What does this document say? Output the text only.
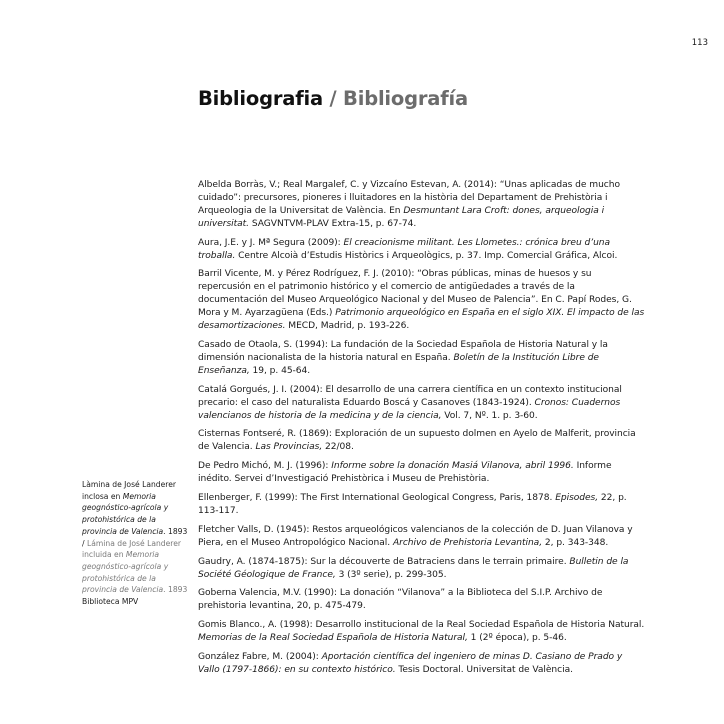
113
Bibliografia / Bibliografía
Albelda Borràs, V.; Real Margalef, C. y Vizcaíno Estevan, A. (2014): “Unas aplicadas de mucho cuidado”: precursores, pioneres i lluitadores en la història del Departament de Prehistòria i Arqueologia de la Universitat de València. En Desmuntant Lara Croft: dones, arqueologia i universitat. SAGVNTVM-PLAV Extra-15, p. 67-74.
Aura, J.E. y J. Mª Segura (2009): El creacionisme militant. Les Llometes.: crónica breu d’una troballa. Centre Alcoià d’Estudis Històrics i Arqueològics, p. 37. Imp. Comercial Gráfica, Alcoi.
Barril Vicente, M. y Pérez Rodríguez, F. J. (2010): “Obras públicas, minas de huesos y su repercusión en el patrimonio histórico y el comercio de antigüedades a través de la documentación del Museo Arqueológico Nacional y del Museo de Palencia”. En C. Papí Rodes, G. Mora y M. Ayarzagüena (Eds.) Patrimonio arqueológico en España en el siglo XIX. El impacto de las desamortizaciones. MECD, Madrid, p. 193-226.
Casado de Otaola, S. (1994): La fundación de la Sociedad Española de Historia Natural y la dimensión nacionalista de la historia natural en España. Boletín de la Institución Libre de Enseñanza, 19, p. 45-64.
Catalá Gorgués, J. I. (2004): El desarrollo de una carrera científica en un contexto institucional precario: el caso del naturalista Eduardo Boscá y Casanoves (1843-1924). Cronos: Cuadernos valencianos de historia de la medicina y de la ciencia, Vol. 7, Nº. 1. p. 3-60.
Cisternas Fontseré, R. (1869): Exploración de un supuesto dolmen en Ayelo de Malferit, provincia de Valencia. Las Provincias, 22/08.
De Pedro Michó, M. J. (1996): Informe sobre la donación Masiá Vilanova, abril 1996. Informe inédito. Servei d’Investigació Prehistòrica i Museu de Prehistòria.
Ellenberger, F. (1999): The First International Geological Congress, Paris, 1878. Episodes, 22, p. 113-117.
Fletcher Valls, D. (1945): Restos arqueológicos valencianos de la colección de D. Juan Vilanova y Piera, en el Museo Antropológico Nacional. Archivo de Prehistoria Levantina, 2, p. 343-348.
Gaudry, A. (1874-1875): Sur la découverte de Batraciens dans le terrain primaire. Bulletin de la Société Géologique de France, 3 (3º serie), p. 299-305.
Goberna Valencia, M.V. (1990): La donación “Vilanova” a la Biblioteca del S.I.P. Archivo de prehistoria levantina, 20, p. 475-479.
Gomis Blanco., A. (1998): Desarrollo institucional de la Real Sociedad Española de Historia Natural. Memorias de la Real Sociedad Española de Historia Natural, 1 (2º época), p. 5-46.
González Fabre, M. (2004): Aportación científica del ingeniero de minas D. Casiano de Prado y Vallo (1797-1866): en su contexto histórico. Tesis Doctoral. Universitat de València.
Làmina de José Landerer inclosa en Memoria geognóstico-agrícola y protohistórica de la provincia de Valencia. 1893 / Lámina de José Landerer incluida en Memoria geognóstico-agrícola y protohistórica de la provincia de Valencia. 1893
Biblioteca MPV
